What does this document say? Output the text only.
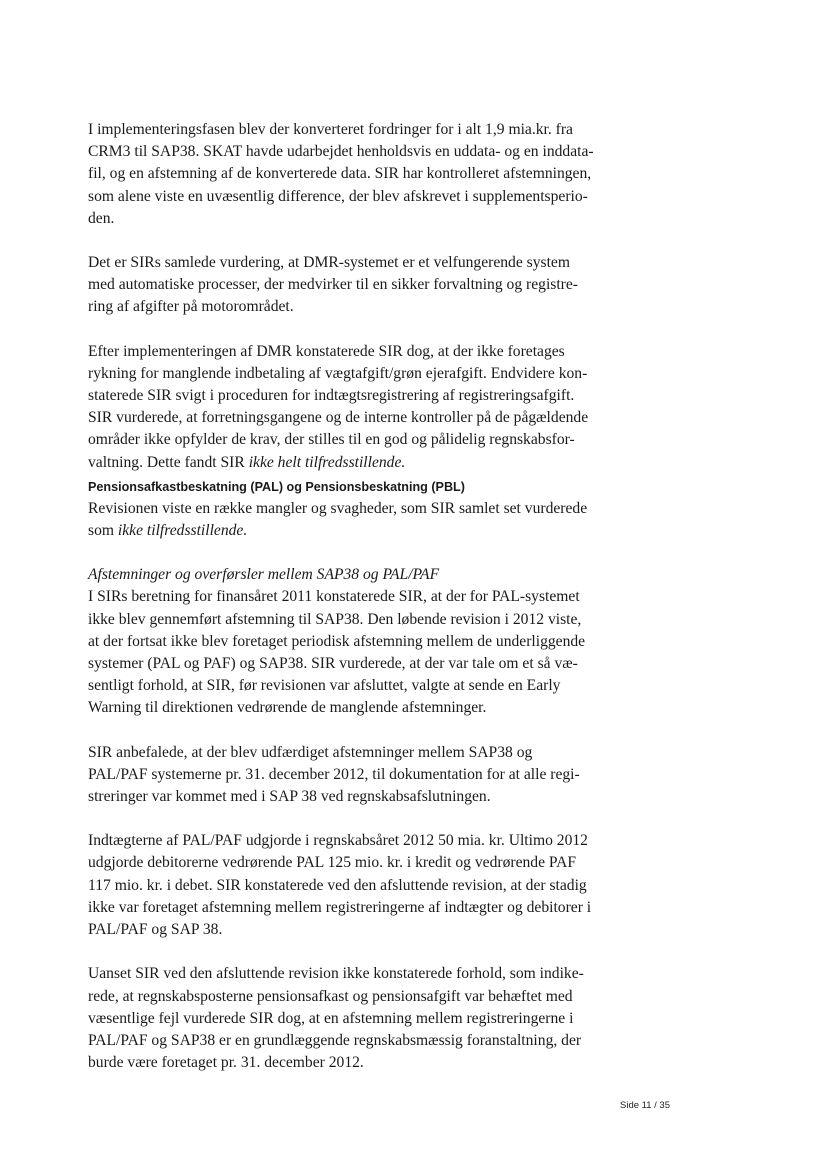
I implementeringsfasen blev der konverteret fordringer for i alt 1,9 mia.kr. fra
CRM3 til SAP38. SKAT havde udarbejdet henholdsvis en uddata- og en inddata-
fil, og en afstemning af de konverterede data. SIR har kontrolleret afstemningen,
som alene viste en uvæsentlig difference, der blev afskrevet i supplementsperio-
den.

Det er SIRs samlede vurdering, at DMR-systemet er et velfungerende system
med automatiske processer, der medvirker til en sikker forvaltning og registre-
ring af afgifter på motorområdet.

Efter implementeringen af DMR konstaterede SIR dog, at der ikke foretages
rykning for manglende indbetaling af vægtafgift/grøn ejerafgift. Endvidere kon-
staterede SIR svigt i proceduren for indtægtsregistrering af registreringsafgift.
SIR vurderede, at forretningsgangene og de interne kontroller på de pågældende
områder ikke opfylder de krav, der stilles til en god og pålidelig regnskabsfor-
valtning. Dette fandt SIR ikke helt tilfredsstillende.

Pensionsafkastbeskatning (PAL) og Pensionsbeskatning (PBL)

Revisionen viste en række mangler og svagheder, som SIR samlet set vurderede
som ikke tilfredsstillende.

Afstemninger og overførsler mellem SAP38 og PAL/PAF

I SIRs beretning for finansåret 2011 konstaterede SIR, at der for PAL-systemet
ikke blev gennemført afstemning til SAP38. Den løbende revision i 2012 viste,
at der fortsat ikke blev foretaget periodisk afstemning mellem de underliggende
systemer (PAL og PAF) og SAP38. SIR vurderede, at der var tale om et så væ-
sentligt forhold, at SIR, før revisionen var afsluttet, valgte at sende en Early
Warning til direktionen vedrørende de manglende afstemninger.

SIR anbefalede, at der blev udfærdiget afstemninger mellem SAP38 og
PAL/PAF systemerne pr. 31. december 2012, til dokumentation for at alle regi-
streringer var kommet med i SAP 38 ved regnskabsafslutningen.

Indtægterne af PAL/PAF udgjorde i regnskabsåret 2012 50 mia. kr. Ultimo 2012
udgjorde debitorerne vedrørende PAL 125 mio. kr. i kredit og vedrørende PAF
117 mio. kr. i debet. SIR konstaterede ved den afsluttende revision, at der stadig
ikke var foretaget afstemning mellem registreringerne af indtægter og debitorer i
PAL/PAF og SAP 38.

Uanset SIR ved den afsluttende revision ikke konstaterede forhold, som indike-
rede, at regnskabsposterne pensionsafkast og pensionsafgift var behæftet med
væsentlige fejl vurderede SIR dog, at en afstemning mellem registreringerne i
PAL/PAF og SAP38 er en grundlæggende regnskabsmæssig foranstaltning, der
burde være foretaget pr. 31. december 2012.

Side 11 / 35
